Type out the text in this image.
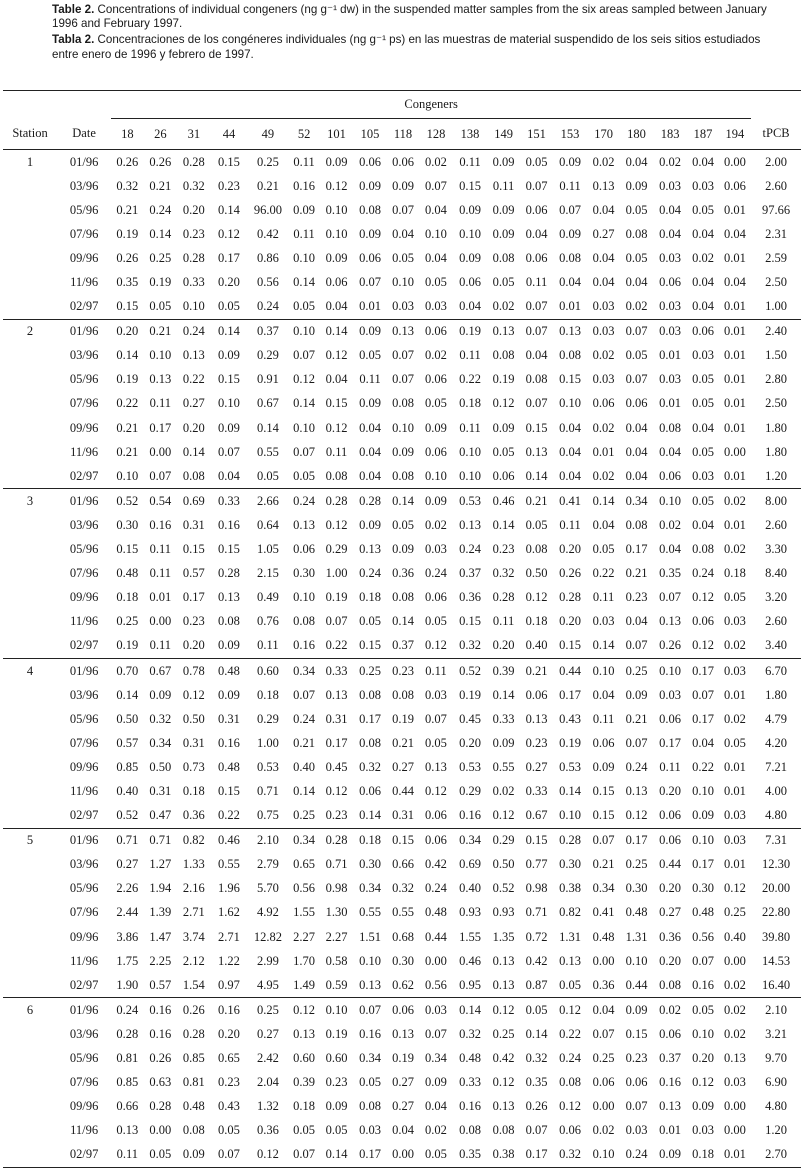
Table 2. Concentrations of individual congeners (ng g⁻¹ dw) in the suspended matter samples from the six areas sampled between January 1996 and February 1997.

Tabla 2. Concentraciones de los congéneres individuales (ng g⁻¹ ps) en las muestras de material suspendido de los seis sitios estudiados entre enero de 1996 y febrero de 1997.

		Congeners																			
Station	Date	18	26	31	44	49	52	101	105	118	128	138	149	151	153	170	180	183	187	194	tPCB
1	01/96	0.26	0.26	0.28	0.15	0.25	0.11	0.09	0.06	0.06	0.02	0.11	0.09	0.05	0.09	0.02	0.04	0.02	0.04	0.00	2.00
	03/96	0.32	0.21	0.32	0.23	0.21	0.16	0.12	0.09	0.09	0.07	0.15	0.11	0.07	0.11	0.13	0.09	0.03	0.03	0.06	2.60
	05/96	0.21	0.24	0.20	0.14	96.00	0.09	0.10	0.08	0.07	0.04	0.09	0.09	0.06	0.07	0.04	0.05	0.04	0.05	0.01	97.66
	07/96	0.19	0.14	0.23	0.12	0.42	0.11	0.10	0.09	0.04	0.10	0.10	0.09	0.04	0.09	0.27	0.08	0.04	0.04	0.04	2.31
	09/96	0.26	0.25	0.28	0.17	0.86	0.10	0.09	0.06	0.05	0.04	0.09	0.08	0.06	0.08	0.04	0.05	0.03	0.02	0.01	2.59
	11/96	0.35	0.19	0.33	0.20	0.56	0.14	0.06	0.07	0.10	0.05	0.06	0.05	0.11	0.04	0.04	0.04	0.06	0.04	0.04	2.50
	02/97	0.15	0.05	0.10	0.05	0.24	0.05	0.04	0.01	0.03	0.03	0.04	0.02	0.07	0.01	0.03	0.02	0.03	0.04	0.01	1.00
2	01/96	0.20	0.21	0.24	0.14	0.37	0.10	0.14	0.09	0.13	0.06	0.19	0.13	0.07	0.13	0.03	0.07	0.03	0.06	0.01	2.40
	03/96	0.14	0.10	0.13	0.09	0.29	0.07	0.12	0.05	0.07	0.02	0.11	0.08	0.04	0.08	0.02	0.05	0.01	0.03	0.01	1.50
	05/96	0.19	0.13	0.22	0.15	0.91	0.12	0.04	0.11	0.07	0.06	0.22	0.19	0.08	0.15	0.03	0.07	0.03	0.05	0.01	2.80
	07/96	0.22	0.11	0.27	0.10	0.67	0.14	0.15	0.09	0.08	0.05	0.18	0.12	0.07	0.10	0.06	0.06	0.01	0.05	0.01	2.50
	09/96	0.21	0.17	0.20	0.09	0.14	0.10	0.12	0.04	0.10	0.09	0.11	0.09	0.15	0.04	0.02	0.04	0.08	0.04	0.01	1.80
	11/96	0.21	0.00	0.14	0.07	0.55	0.07	0.11	0.04	0.09	0.06	0.10	0.05	0.13	0.04	0.01	0.04	0.04	0.05	0.00	1.80
	02/97	0.10	0.07	0.08	0.04	0.05	0.05	0.08	0.04	0.08	0.10	0.10	0.06	0.14	0.04	0.02	0.04	0.06	0.03	0.01	1.20
3	01/96	0.52	0.54	0.69	0.33	2.66	0.24	0.28	0.28	0.14	0.09	0.53	0.46	0.21	0.41	0.14	0.34	0.10	0.05	0.02	8.00
	03/96	0.30	0.16	0.31	0.16	0.64	0.13	0.12	0.09	0.05	0.02	0.13	0.14	0.05	0.11	0.04	0.08	0.02	0.04	0.01	2.60
	05/96	0.15	0.11	0.15	0.15	1.05	0.06	0.29	0.13	0.09	0.03	0.24	0.23	0.08	0.20	0.05	0.17	0.04	0.08	0.02	3.30
	07/96	0.48	0.11	0.57	0.28	2.15	0.30	1.00	0.24	0.36	0.24	0.37	0.32	0.50	0.26	0.22	0.21	0.35	0.24	0.18	8.40
	09/96	0.18	0.01	0.17	0.13	0.49	0.10	0.19	0.18	0.08	0.06	0.36	0.28	0.12	0.28	0.11	0.23	0.07	0.12	0.05	3.20
	11/96	0.25	0.00	0.23	0.08	0.76	0.08	0.07	0.05	0.14	0.05	0.15	0.11	0.18	0.20	0.03	0.04	0.13	0.06	0.03	2.60
	02/97	0.19	0.11	0.20	0.09	0.11	0.16	0.22	0.15	0.37	0.12	0.32	0.20	0.40	0.15	0.14	0.07	0.26	0.12	0.02	3.40
4	01/96	0.70	0.67	0.78	0.48	0.60	0.34	0.33	0.25	0.23	0.11	0.52	0.39	0.21	0.44	0.10	0.25	0.10	0.17	0.03	6.70
	03/96	0.14	0.09	0.12	0.09	0.18	0.07	0.13	0.08	0.08	0.03	0.19	0.14	0.06	0.17	0.04	0.09	0.03	0.07	0.01	1.80
	05/96	0.50	0.32	0.50	0.31	0.29	0.24	0.31	0.17	0.19	0.07	0.45	0.33	0.13	0.43	0.11	0.21	0.06	0.17	0.02	4.79
	07/96	0.57	0.34	0.31	0.16	1.00	0.21	0.17	0.08	0.21	0.05	0.20	0.09	0.23	0.19	0.06	0.07	0.17	0.04	0.05	4.20
	09/96	0.85	0.50	0.73	0.48	0.53	0.40	0.45	0.32	0.27	0.13	0.53	0.55	0.27	0.53	0.09	0.24	0.11	0.22	0.01	7.21
	11/96	0.40	0.31	0.18	0.15	0.71	0.14	0.12	0.06	0.44	0.12	0.29	0.02	0.33	0.14	0.15	0.13	0.20	0.10	0.01	4.00
	02/97	0.52	0.47	0.36	0.22	0.75	0.25	0.23	0.14	0.31	0.06	0.16	0.12	0.67	0.10	0.15	0.12	0.06	0.09	0.03	4.80
5	01/96	0.71	0.71	0.82	0.46	2.10	0.34	0.28	0.18	0.15	0.06	0.34	0.29	0.15	0.28	0.07	0.17	0.06	0.10	0.03	7.31
	03/96	0.27	1.27	1.33	0.55	2.79	0.65	0.71	0.30	0.66	0.42	0.69	0.50	0.77	0.30	0.21	0.25	0.44	0.17	0.01	12.30
	05/96	2.26	1.94	2.16	1.96	5.70	0.56	0.98	0.34	0.32	0.24	0.40	0.52	0.98	0.38	0.34	0.30	0.20	0.30	0.12	20.00
	07/96	2.44	1.39	2.71	1.62	4.92	1.55	1.30	0.55	0.55	0.48	0.93	0.93	0.71	0.82	0.41	0.48	0.27	0.48	0.25	22.80
	09/96	3.86	1.47	3.74	2.71	12.82	2.27	2.27	1.51	0.68	0.44	1.55	1.35	0.72	1.31	0.48	1.31	0.36	0.56	0.40	39.80
	11/96	1.75	2.25	2.12	1.22	2.99	1.70	0.58	0.10	0.30	0.00	0.46	0.13	0.42	0.13	0.00	0.10	0.20	0.07	0.00	14.53
	02/97	1.90	0.57	1.54	0.97	4.95	1.49	0.59	0.13	0.62	0.56	0.95	0.13	0.87	0.05	0.36	0.44	0.08	0.16	0.02	16.40
6	01/96	0.24	0.16	0.26	0.16	0.25	0.12	0.10	0.07	0.06	0.03	0.14	0.12	0.05	0.12	0.04	0.09	0.02	0.05	0.02	2.10
	03/96	0.28	0.16	0.28	0.20	0.27	0.13	0.19	0.16	0.13	0.07	0.32	0.25	0.14	0.22	0.07	0.15	0.06	0.10	0.02	3.21
	05/96	0.81	0.26	0.85	0.65	2.42	0.60	0.60	0.34	0.19	0.34	0.48	0.42	0.32	0.24	0.25	0.23	0.37	0.20	0.13	9.70
	07/96	0.85	0.63	0.81	0.23	2.04	0.39	0.23	0.05	0.27	0.09	0.33	0.12	0.35	0.08	0.06	0.06	0.16	0.12	0.03	6.90
	09/96	0.66	0.28	0.48	0.43	1.32	0.18	0.09	0.08	0.27	0.04	0.16	0.13	0.26	0.12	0.00	0.07	0.13	0.09	0.00	4.80
	11/96	0.13	0.00	0.08	0.05	0.36	0.05	0.05	0.03	0.04	0.02	0.08	0.08	0.07	0.06	0.02	0.03	0.01	0.03	0.00	1.20
	02/97	0.11	0.05	0.09	0.07	0.12	0.07	0.14	0.17	0.00	0.05	0.35	0.38	0.17	0.32	0.10	0.24	0.09	0.18	0.01	2.70
